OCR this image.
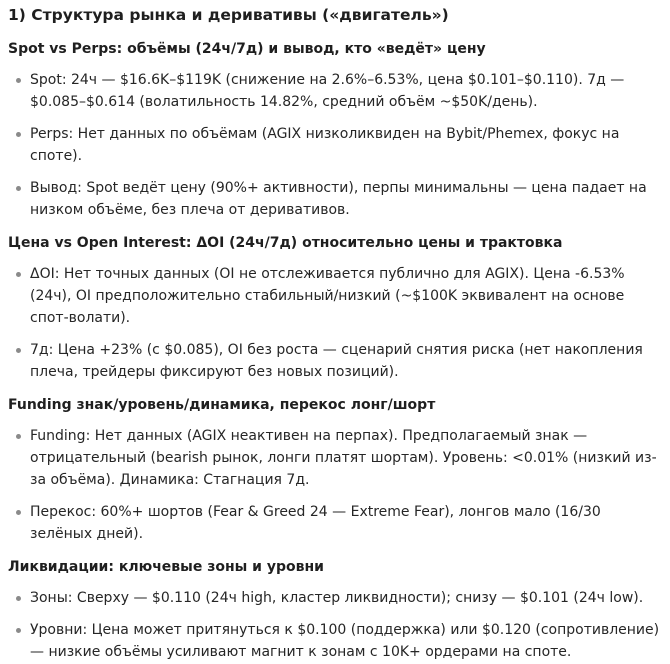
1) Структура рынка и деривативы («двигатель»)
Spot vs Perps: объёмы (24ч/7д) и вывод, кто «ведёт» цену
Spot: 24ч — $16.6K–$119K (снижение на 2.6%–6.53%, цена $0.101–$0.110). 7д — $0.085–$0.614 (волатильность 14.82%, средний объём ~$50K/день).
Perps: Нет данных по объёмам (AGIX низколиквиден на Bybit/Phemex, фокус на споте).
Вывод: Spot ведёт цену (90%+ активности), перпы минимальны — цена падает на низком объёме, без плеча от деривативов.
Цена vs Open Interest: ΔOI (24ч/7д) относительно цены и трактовка
ΔOI: Нет точных данных (OI не отслеживается публично для AGIX). Цена -6.53% (24ч), OI предположительно стабильный/низкий (~$100K эквивалент на основе спот-волати).
7д: Цена +23% (с $0.085), OI без роста — сценарий снятия риска (нет накопления плеча, трейдеры фиксируют без новых позиций).
Funding знак/уровень/динамика, перекос лонг/шорт
Funding: Нет данных (AGIX неактивен на перпах). Предполагаемый знак — отрицательный (bearish рынок, лонги платят шортам). Уровень: <0.01% (низкий из-за объёма). Динамика: Стагнация 7д.
Перекос: 60%+ шортов (Fear & Greed 24 — Extreme Fear), лонгов мало (16/30 зелёных дней).
Ликвидации: ключевые зоны и уровни
Зоны: Сверху — $0.110 (24ч high, кластер ликвидности); снизу — $0.101 (24ч low).
Уровни: Цена может притянуться к $0.100 (поддержка) или $0.120 (сопротивление) — низкие объёмы усиливают магнит к зонам с 10K+ ордерами на споте.
